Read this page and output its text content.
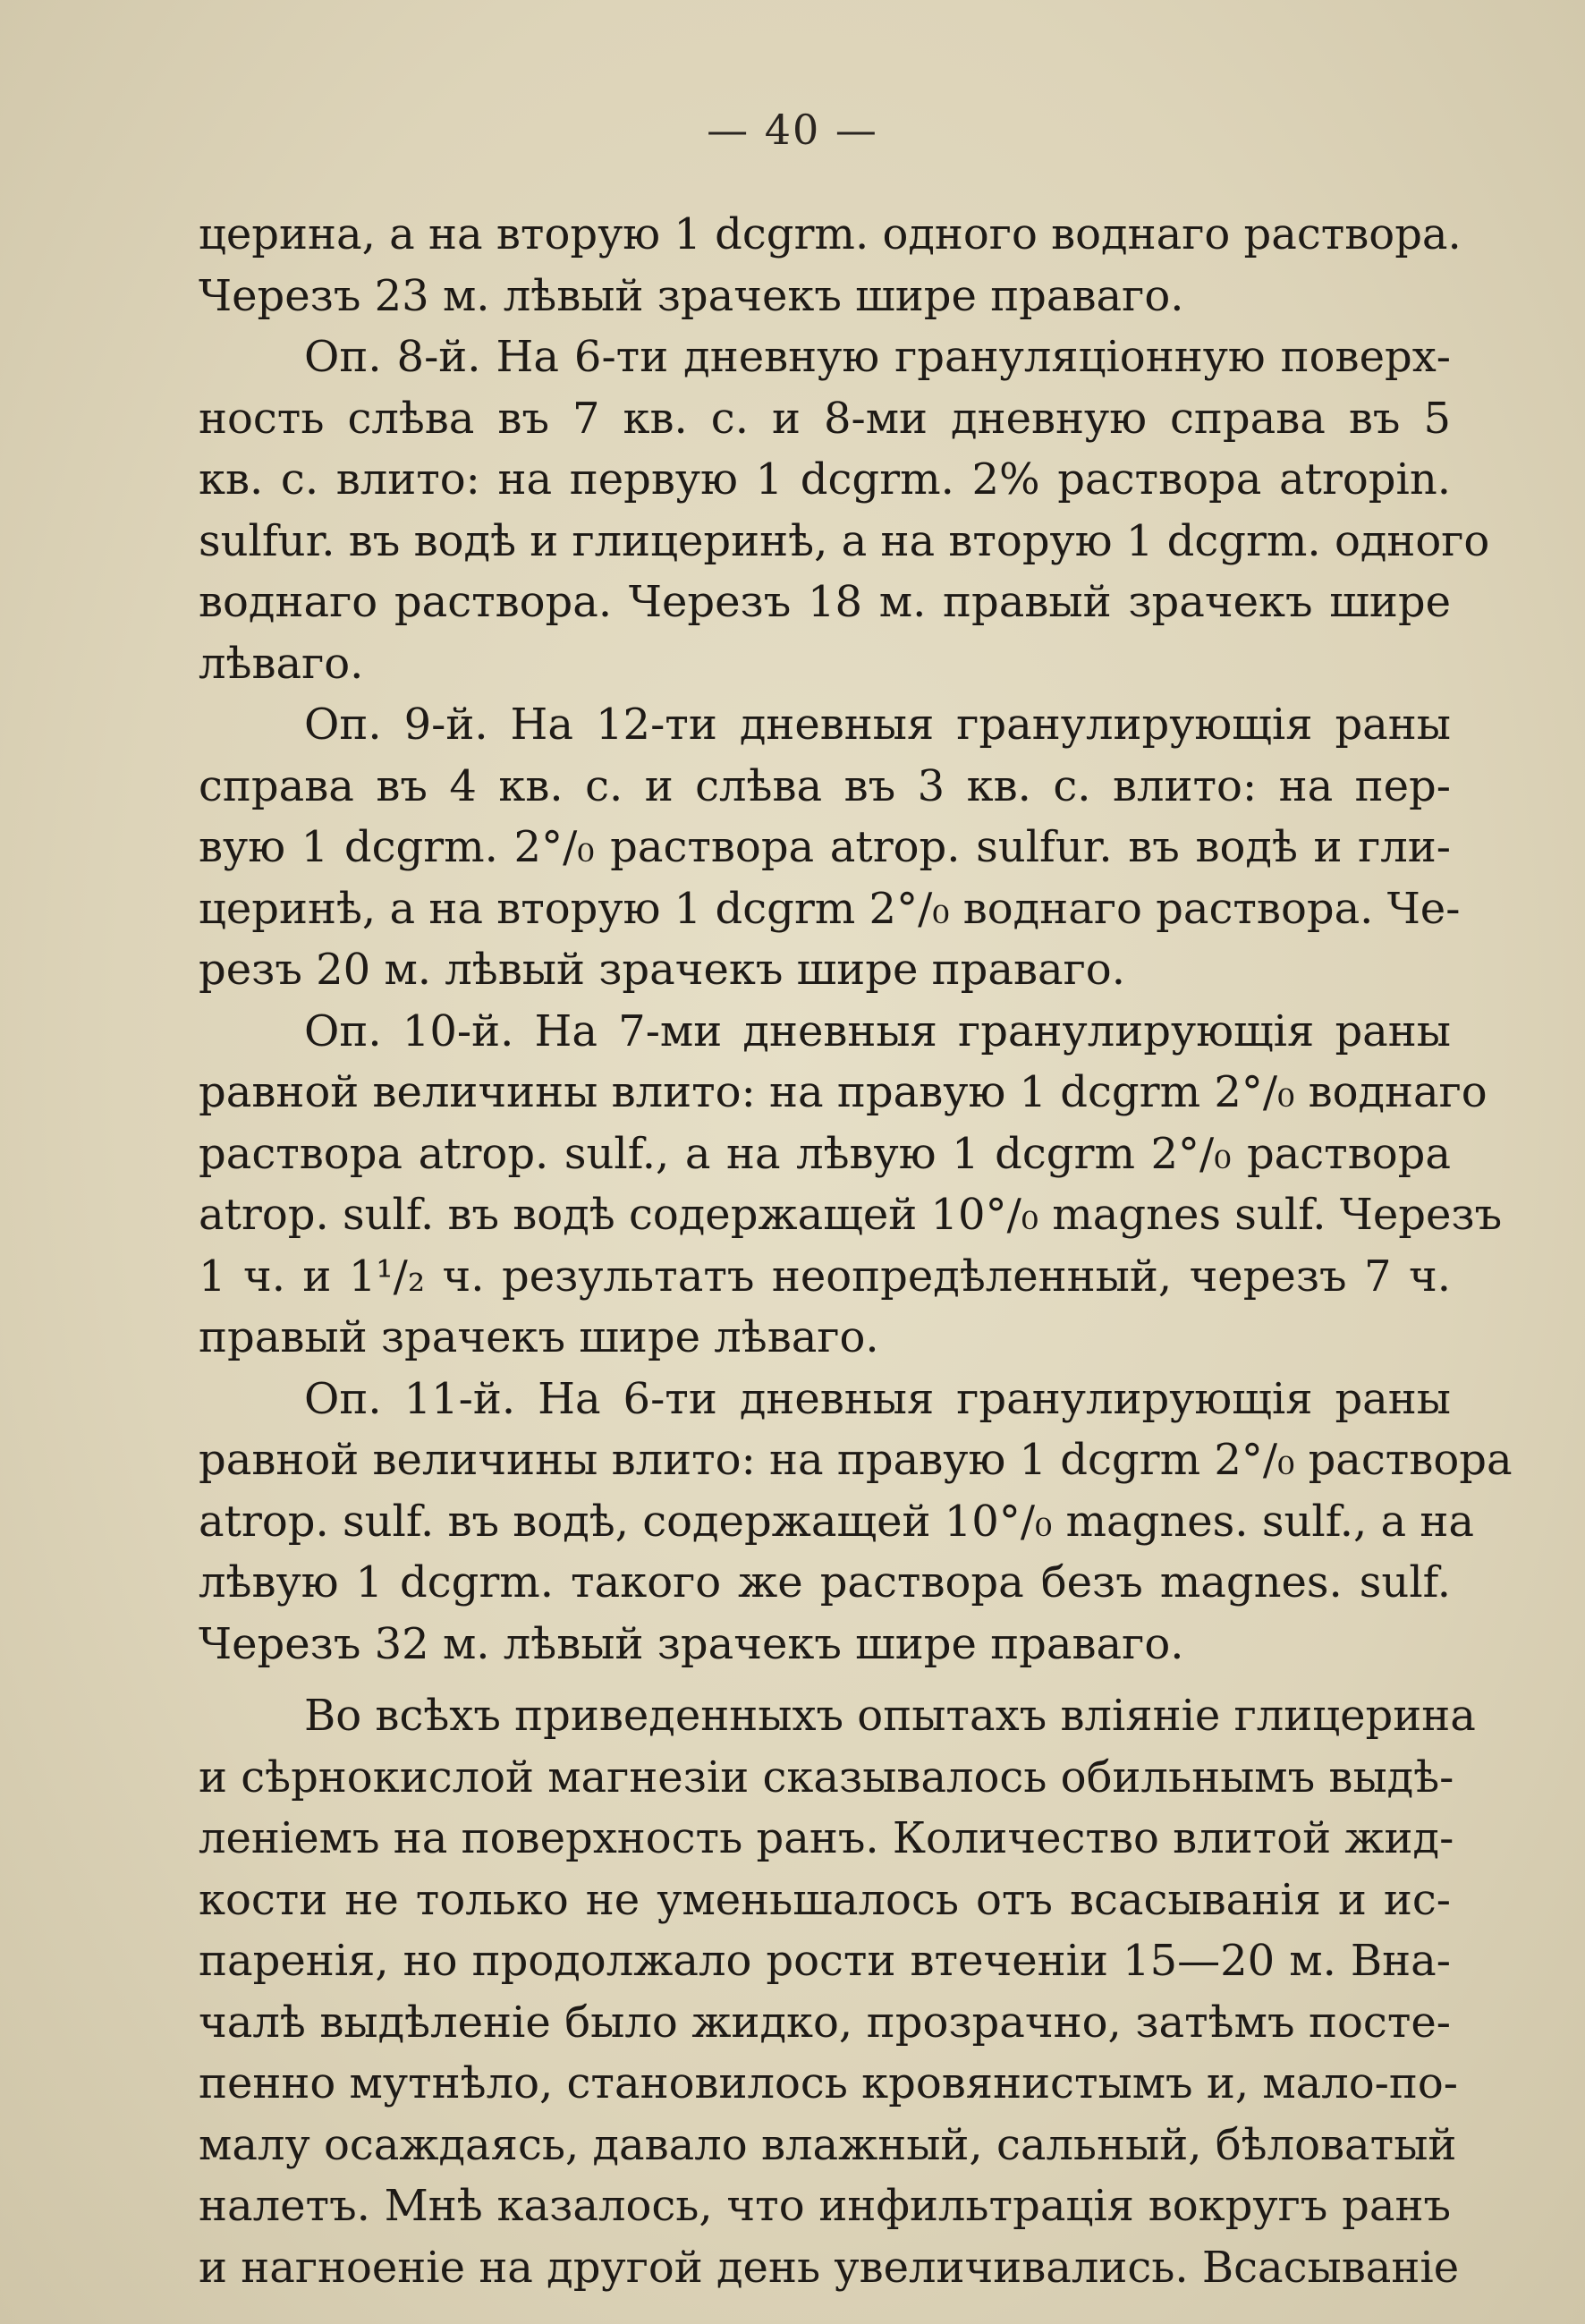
— 40 —
церина, а на вторую 1 dcgrm. одного воднаго раствора.
Черезъ 23 м. лѣвый зрачекъ шире праваго.
Оп. 8-й. На 6-ти дневную грануляціонную поверх-
ность слѣва въ 7 кв. с. и 8-ми дневную справа въ 5
кв. с. влито: на первую 1 dcgrm. 2% раствора atropin.
sulfur. въ водѣ и глицеринѣ, а на вторую 1 dcgrm. одного
воднаго раствора. Черезъ 18 м. правый зрачекъ шире
лѣваго.
Оп. 9-й. На 12-ти дневныя гранулирующія раны
справа въ 4 кв. с. и слѣва въ 3 кв. с. влито: на пер-
вую 1 dcgrm. 2°/₀ раствора atrop. sulfur. въ водѣ и гли-
церинѣ, а на вторую 1 dcgrm 2°/₀ воднаго раствора. Че-
резъ 20 м. лѣвый зрачекъ шире праваго.
Оп. 10-й. На 7-ми дневныя гранулирующія раны
равной величины влито: на правую 1 dcgrm 2°/₀ воднаго
раствора atrop. sulf., а на лѣвую 1 dcgrm 2°/₀ раствора
atrop. sulf. въ водѣ содержащей 10°/₀ magnes sulf. Черезъ
1 ч. и 1¹/₂ ч. результатъ неопредѣленный, черезъ 7 ч.
правый зрачекъ шире лѣваго.
Оп. 11-й. На 6-ти дневныя гранулирующія раны
равной величины влито: на правую 1 dcgrm 2°/₀ раствора
atrop. sulf. въ водѣ, содержащей 10°/₀ magnes. sulf., а на
лѣвую 1 dcgrm. такого же раствора безъ magnes. sulf.
Черезъ 32 м. лѣвый зрачекъ шире праваго.
Во всѣхъ приведенныхъ опытахъ вліяніе глицерина
и сѣрнокислой магнезіи сказывалось обильнымъ выдѣ-
леніемъ на поверхность ранъ. Количество влитой жид-
кости не только не уменьшалось отъ всасыванія и ис-
паренія, но продолжало рости втеченіи 15—20 м. Вна-
чалѣ выдѣленіе было жидко, прозрачно, затѣмъ посте-
пенно мутнѣло, становилось кровянистымъ и, мало-по-
малу осаждаясь, давало влажный, сальный, бѣловатый
налетъ. Мнѣ казалось, что инфильтрація вокругъ ранъ
и нагноеніе на другой день увеличивались. Всасываніе
